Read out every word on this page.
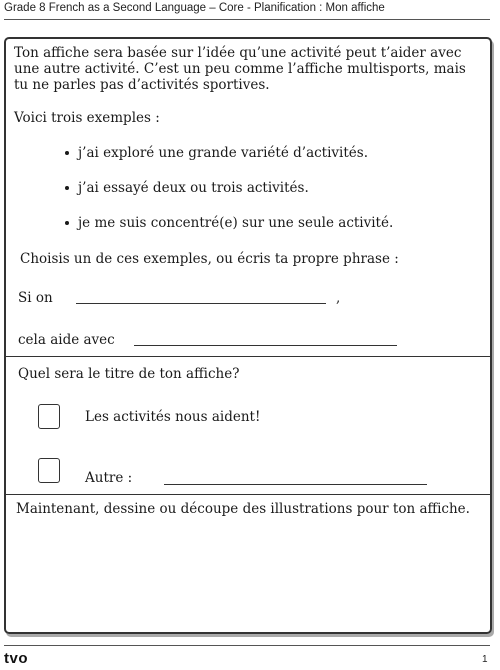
Grade 8 French as a Second Language – Core - Planification : Mon affiche
Ton affiche sera basée sur l’idée qu’une activité peut t’aider avec une autre activité. C’est un peu comme l’affiche multisports, mais tu ne parles pas d’activités sportives.
Voici trois exemples :
j’ai exploré une grande variété d’activités.
j’ai essayé deux ou trois activités.
je me suis concentré(e) sur une seule activité.
Choisis un de ces exemples, ou écris ta propre phrase :
Si on	,
cela aide avec
Quel sera le titre de ton affiche?
Les activités nous aident!
Autre :
Maintenant, dessine ou découpe des illustrations pour ton affiche.
tvo	1
